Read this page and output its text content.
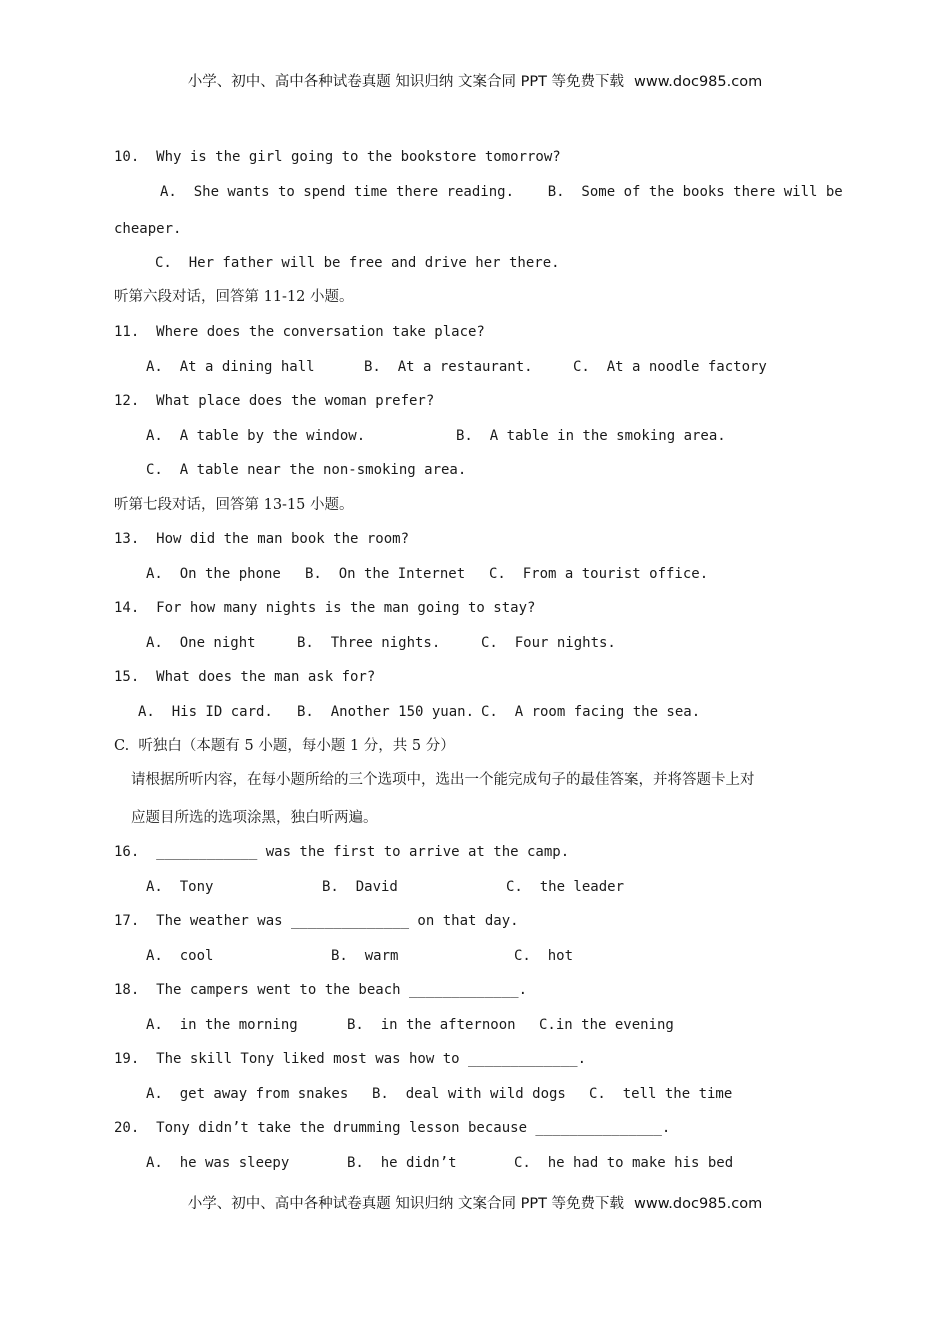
小学、初中、高中各种试卷真题 知识归纳 文案合同 PPT 等免费下载 www.doc985.com
10.  Why is the girl going to the bookstore tomorrow?
A.  She wants to spend time there reading.    B.  Some of the books there will be
cheaper.
C.  Her father will be free and drive her there.
听第六段对话，回答第 11-12 小题。
11.  Where does the conversation take place?
A.  At a dining hall	B.  At a restaurant.	C.  At a noodle factory
12.  What place does the woman prefer?
A.  A table by the window.	B.  A table in the smoking area.
C.  A table near the non-smoking area.
听第七段对话，回答第 13-15 小题。
13.  How did the man book the room?
A.  On the phone B.  On the Internet C.  From a tourist office.
14.  For how many nights is the man going to stay?
A.  One night	B.  Three nights.	C.  Four nights.
15.  What does the man ask for?
A.  His ID card. B.  Another 150 yuan. C.  A room facing the sea.
C.  听独白（本题有 5 小题，每小题 1 分，共 5 分）
请根据所听内容，在每小题所给的三个选项中，选出一个能完成句子的最佳答案，并将答题卡上对
应题目所选的选项涂黑，独白听两遍。
16.  ____________ was the first to arrive at the camp.
A.  Tony	B.  David	C.  the leader
17.  The weather was ______________ on that day.
A.  cool	B.  warm	C.  hot
18.  The campers went to the beach _____________.
A.  in the morning	B.  in the afternoon C.in the evening
19.  The skill Tony liked most was how to _____________.
A.  get away from snakes B.  deal with wild dogs C.  tell the time
20.  Tony didn’t take the drumming lesson because _______________.
A.  he was sleepy	B.  he didn’t	C.  he had to make his bed
小学、初中、高中各种试卷真题 知识归纳 文案合同 PPT 等免费下载 www.doc985.com
